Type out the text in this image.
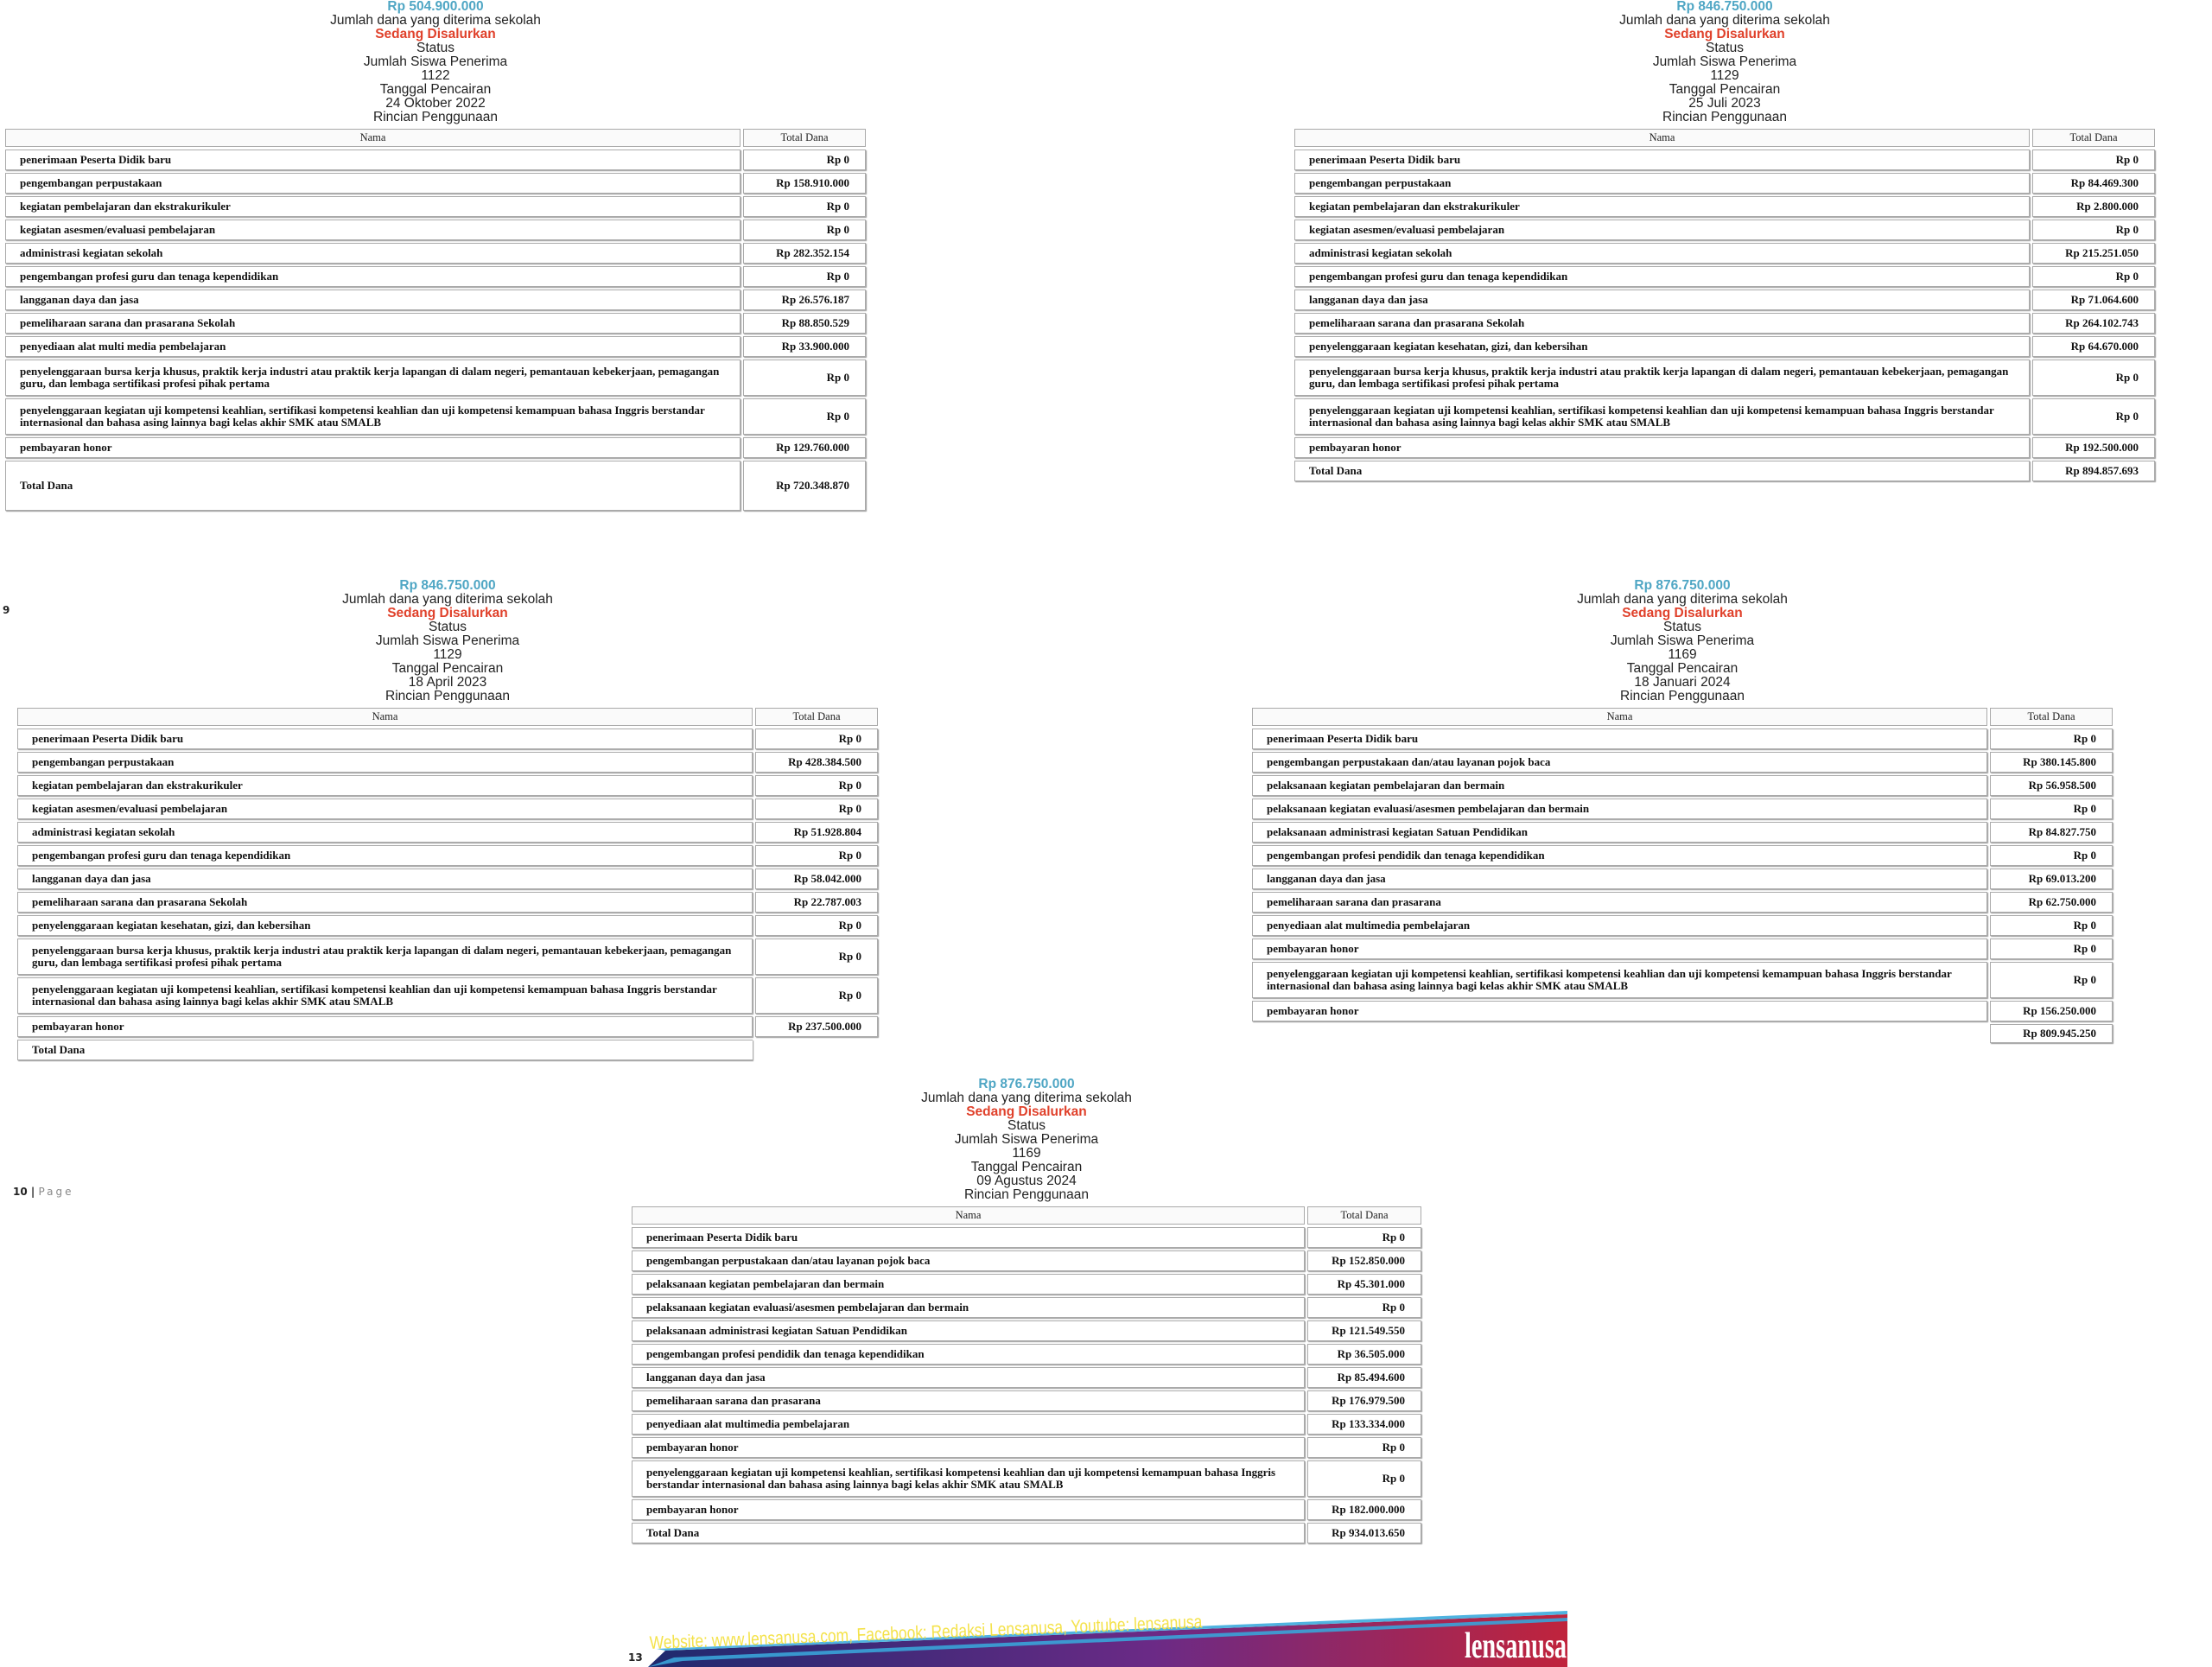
Rp 504.900.000
Jumlah dana yang diterima sekolah
Sedang Disalurkan
Status
Jumlah Siswa Penerima
1122
Tanggal Pencairan
24 Oktober 2022
Rincian Penggunaan
Nama	Total Dana
penerimaan Peserta Didik baru	Rp 0
pengembangan perpustakaan	Rp 158.910.000
kegiatan pembelajaran dan ekstrakurikuler	Rp 0
kegiatan asesmen/evaluasi pembelajaran	Rp 0
administrasi kegiatan sekolah	Rp 282.352.154
pengembangan profesi guru dan tenaga kependidikan	Rp 0
langganan daya dan jasa	Rp 26.576.187
pemeliharaan sarana dan prasarana Sekolah	Rp 88.850.529
penyediaan alat multi media pembelajaran	Rp 33.900.000
penyelenggaraan bursa kerja khusus, praktik kerja industri atau praktik kerja lapangan di dalam negeri, pemantauan kebekerjaan, pemagangan guru, dan lembaga sertifikasi profesi pihak pertama	Rp 0
penyelenggaraan kegiatan uji kompetensi keahlian, sertifikasi kompetensi keahlian dan uji kompetensi kemampuan bahasa Inggris berstandar internasional dan bahasa asing lainnya bagi kelas akhir SMK atau SMALB	Rp 0
pembayaran honor	Rp 129.760.000
Total Dana	Rp 720.348.870
Rp 846.750.000
Jumlah dana yang diterima sekolah
Sedang Disalurkan
Status
Jumlah Siswa Penerima
1129
Tanggal Pencairan
25 Juli 2023
Rincian Penggunaan
Nama	Total Dana
penerimaan Peserta Didik baru	Rp 0
pengembangan perpustakaan	Rp 84.469.300
kegiatan pembelajaran dan ekstrakurikuler	Rp 2.800.000
kegiatan asesmen/evaluasi pembelajaran	Rp 0
administrasi kegiatan sekolah	Rp 215.251.050
pengembangan profesi guru dan tenaga kependidikan	Rp 0
langganan daya dan jasa	Rp 71.064.600
pemeliharaan sarana dan prasarana Sekolah	Rp 264.102.743
penyelenggaraan kegiatan kesehatan, gizi, dan kebersihan	Rp 64.670.000
penyelenggaraan bursa kerja khusus, praktik kerja industri atau praktik kerja lapangan di dalam negeri, pemantauan kebekerjaan, pemagangan guru, dan lembaga sertifikasi profesi pihak pertama	Rp 0
penyelenggaraan kegiatan uji kompetensi keahlian, sertifikasi kompetensi keahlian dan uji kompetensi kemampuan bahasa Inggris berstandar internasional dan bahasa asing lainnya bagi kelas akhir SMK atau SMALB	Rp 0
pembayaran honor	Rp 192.500.000
Total Dana	Rp 894.857.693
9
Rp 846.750.000
Jumlah dana yang diterima sekolah
Sedang Disalurkan
Status
Jumlah Siswa Penerima
1129
Tanggal Pencairan
18 April 2023
Rincian Penggunaan
Nama	Total Dana
penerimaan Peserta Didik baru	Rp 0
pengembangan perpustakaan	Rp 428.384.500
kegiatan pembelajaran dan ekstrakurikuler	Rp 0
kegiatan asesmen/evaluasi pembelajaran	Rp 0
administrasi kegiatan sekolah	Rp 51.928.804
pengembangan profesi guru dan tenaga kependidikan	Rp 0
langganan daya dan jasa	Rp 58.042.000
pemeliharaan sarana dan prasarana Sekolah	Rp 22.787.003
penyelenggaraan kegiatan kesehatan, gizi, dan kebersihan	Rp 0
penyelenggaraan bursa kerja khusus, praktik kerja industri atau praktik kerja lapangan di dalam negeri, pemantauan kebekerjaan, pemagangan guru, dan lembaga sertifikasi profesi pihak pertama	Rp 0
penyelenggaraan kegiatan uji kompetensi keahlian, sertifikasi kompetensi keahlian dan uji kompetensi kemampuan bahasa Inggris berstandar internasional dan bahasa asing lainnya bagi kelas akhir SMK atau SMALB	Rp 0
pembayaran honor	Rp 237.500.000
Total Dana	
Rp 876.750.000
Jumlah dana yang diterima sekolah
Sedang Disalurkan
Status
Jumlah Siswa Penerima
1169
Tanggal Pencairan
18 Januari 2024
Rincian Penggunaan
Nama	Total Dana
penerimaan Peserta Didik baru	Rp 0
pengembangan perpustakaan dan/atau layanan pojok baca	Rp 380.145.800
pelaksanaan kegiatan pembelajaran dan bermain	Rp 56.958.500
pelaksanaan kegiatan evaluasi/asesmen pembelajaran dan bermain	Rp 0
pelaksanaan administrasi kegiatan Satuan Pendidikan	Rp 84.827.750
pengembangan profesi pendidik dan tenaga kependidikan	Rp 0
langganan daya dan jasa	Rp 69.013.200
pemeliharaan sarana dan prasarana	Rp 62.750.000
penyediaan alat multimedia pembelajaran	Rp 0
pembayaran honor	Rp 0
penyelenggaraan kegiatan uji kompetensi keahlian, sertifikasi kompetensi keahlian dan uji kompetensi kemampuan bahasa Inggris berstandar internasional dan bahasa asing lainnya bagi kelas akhir SMK atau SMALB	Rp 0
pembayaran honor	Rp 156.250.000
	Rp 809.945.250
10 | Page
Rp 876.750.000
Jumlah dana yang diterima sekolah
Sedang Disalurkan
Status
Jumlah Siswa Penerima
1169
Tanggal Pencairan
09 Agustus 2024
Rincian Penggunaan
Nama	Total Dana
penerimaan Peserta Didik baru	Rp 0
pengembangan perpustakaan dan/atau layanan pojok baca	Rp 152.850.000
pelaksanaan kegiatan pembelajaran dan bermain	Rp 45.301.000
pelaksanaan kegiatan evaluasi/asesmen pembelajaran dan bermain	Rp 0
pelaksanaan administrasi kegiatan Satuan Pendidikan	Rp 121.549.550
pengembangan profesi pendidik dan tenaga kependidikan	Rp 36.505.000
langganan daya dan jasa	Rp 85.494.600
pemeliharaan sarana dan prasarana	Rp 176.979.500
penyediaan alat multimedia pembelajaran	Rp 133.334.000
pembayaran honor	Rp 0
penyelenggaraan kegiatan uji kompetensi keahlian, sertifikasi kompetensi keahlian dan uji kompetensi kemampuan bahasa Inggris berstandar internasional dan bahasa asing lainnya bagi kelas akhir SMK atau SMALB	Rp 0
pembayaran honor	Rp 182.000.000
Total Dana	Rp 934.013.650
13
Website: www.lensanusa.com, Facebook: Redaksi Lensanusa, Youtube: lensanusa	lensanusa
